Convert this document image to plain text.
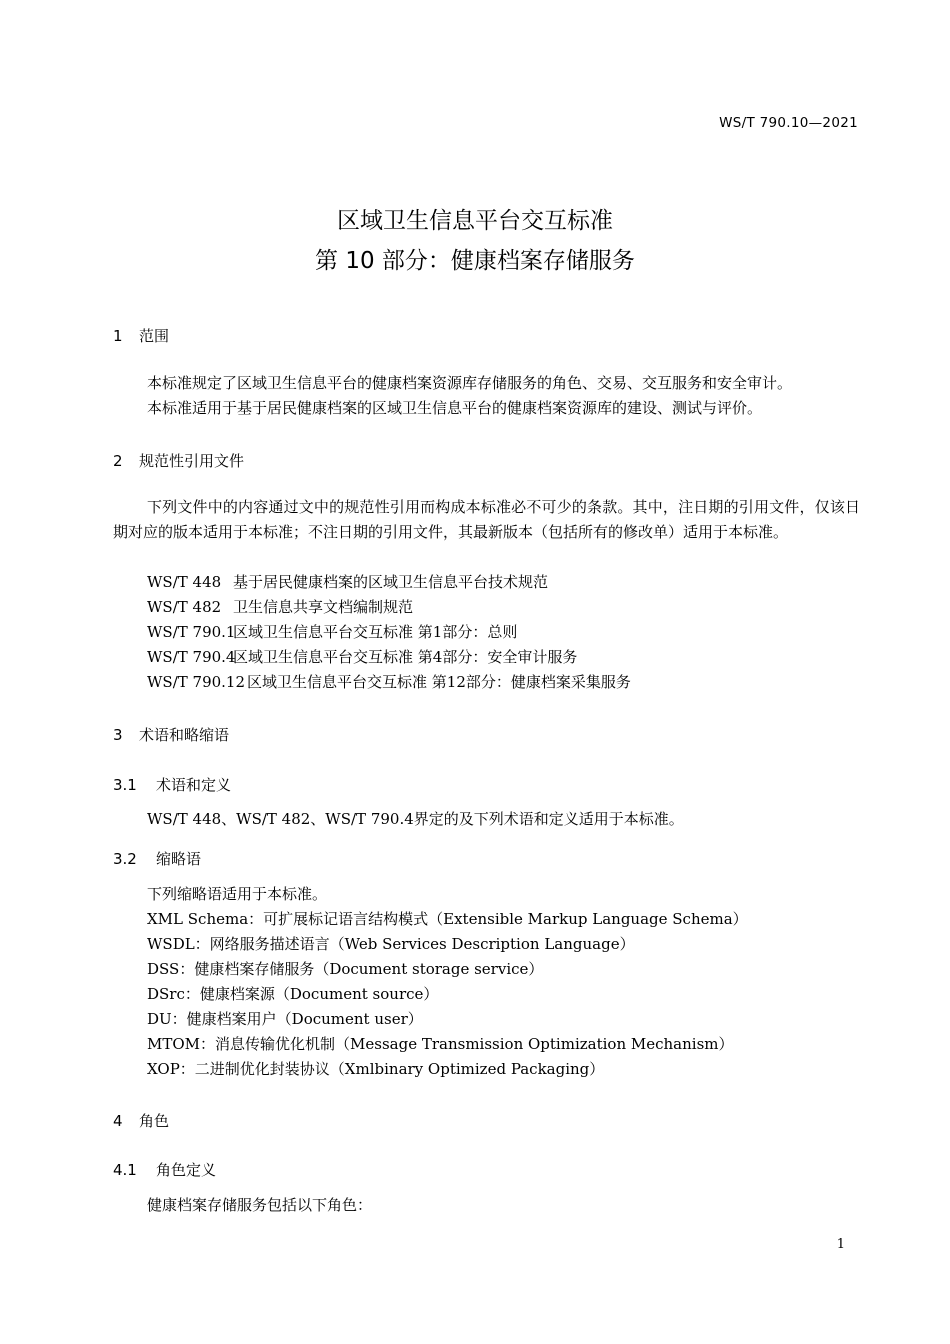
WS/T 790.10—2021
区域卫生信息平台交互标准
第 10 部分：健康档案存储服务
1 范围
本标准规定了区域卫生信息平台的健康档案资源库存储服务的角色、交易、交互服务和安全审计。
本标准适用于基于居民健康档案的区域卫生信息平台的健康档案资源库的建设、测试与评价。
2 规范性引用文件
下列文件中的内容通过文中的规范性引用而构成本标准必不可少的条款。其中，注日期的引用文件，仅该日期对应的版本适用于本标准；不注日期的引用文件，其最新版本（包括所有的修改单）适用于本标准。
WS/T 448 基于居民健康档案的区域卫生信息平台技术规范
WS/T 482 卫生信息共享文档编制规范
WS/T 790.1区域卫生信息平台交互标准 第1部分：总则
WS/T 790.4区域卫生信息平台交互标准 第4部分：安全审计服务
WS/T 790.12 区域卫生信息平台交互标准 第12部分：健康档案采集服务
3 术语和略缩语
3.1 术语和定义
WS/T 448、WS/T 482、WS/T 790.4界定的及下列术语和定义适用于本标准。
3.2 缩略语
下列缩略语适用于本标准。
XML Schema：可扩展标记语言结构模式（Extensible Markup Language Schema）
WSDL：网络服务描述语言（Web Services Description Language）
DSS：健康档案存储服务（Document storage service）
DSrc：健康档案源（Document source）
DU：健康档案用户（Document user）
MTOM：消息传输优化机制（Message Transmission Optimization Mechanism）
XOP：二进制优化封装协议（Xmlbinary Optimized Packaging）
4 角色
4.1 角色定义
健康档案存储服务包括以下角色：
1
